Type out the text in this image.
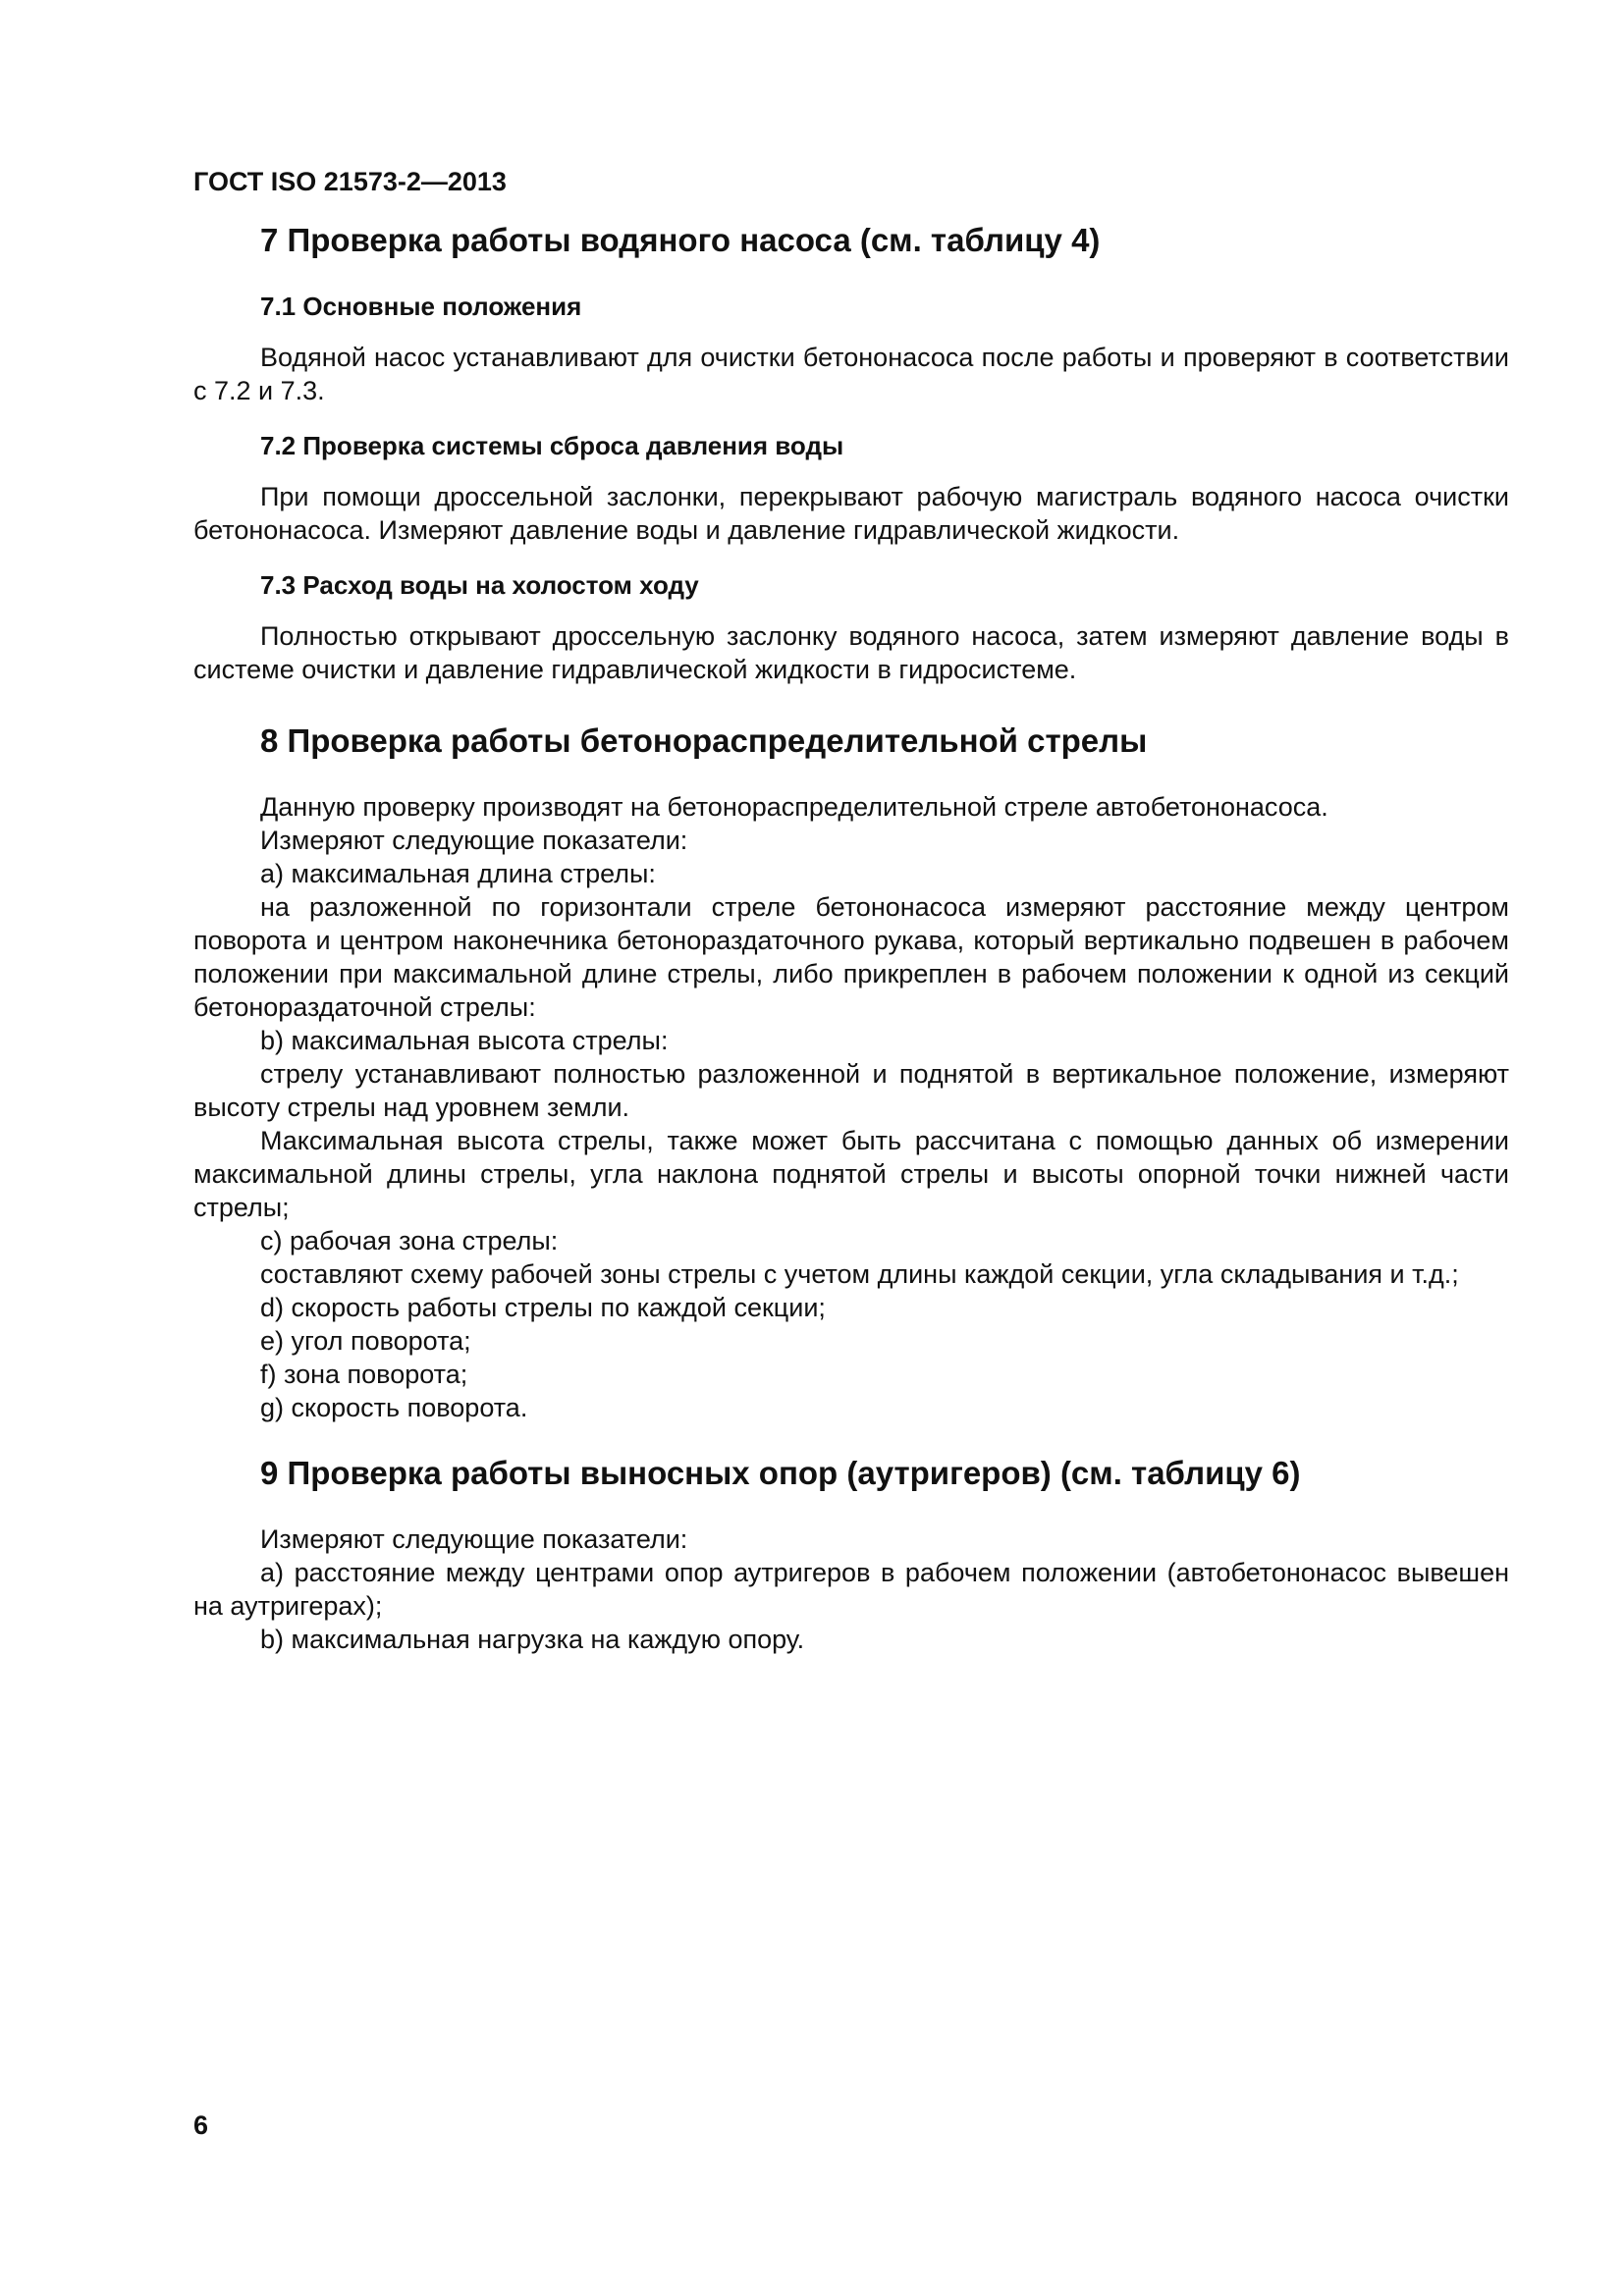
ГОСТ ISO 21573-2—2013
7 Проверка работы водяного насоса (см. таблицу 4)
7.1 Основные положения

Водяной насос устанавливают для очистки бетононасоса после работы и проверяют в соответствии с 7.2 и 7.3.

7.2 Проверка системы сброса давления воды

При помощи дроссельной заслонки, перекрывают рабочую магистраль водяного насоса очистки бетононасоса. Измеряют давление воды и давление гидравлической жидкости.

7.3 Расход воды на холостом ходу

Полностью открывают дроссельную заслонку водяного насоса, затем измеряют давление воды в системе очистки и давление гидравлической жидкости в гидросистеме.

8 Проверка работы бетонораспределительной стрелы

Данную проверку производят на бетонораспределительной стреле автобетононасоса.

Измеряют следующие показатели:

a) максимальная длина стрелы:

на разложенной по горизонтали стреле бетононасоса измеряют расстояние между центром поворота и центром наконечника бетонораздаточного рукава, который вертикально подвешен в рабочем положении при максимальной длине стрелы, либо прикреплен в рабочем положении к одной из секций бетонораздаточной стрелы:

b) максимальная высота стрелы:

стрелу устанавливают полностью разложенной и поднятой в вертикальное положение, измеряют высоту стрелы над уровнем земли.

Максимальная высота стрелы, также может быть рассчитана с помощью данных об измерении максимальной длины стрелы, угла наклона поднятой стрелы и высоты опорной точки нижней части стрелы;

c) рабочая зона стрелы:

составляют схему рабочей зоны стрелы с учетом длины каждой секции, угла складывания и т.д.;

d) скорость работы стрелы по каждой секции;

e) угол поворота;

f) зона поворота;

g) скорость поворота.

9 Проверка работы выносных опор (аутригеров) (см. таблицу 6)

Измеряют следующие показатели:

a) расстояние между центрами опор аутригеров в рабочем положении (автобетононасос вывешен на аутригерах);

b) максимальная нагрузка на каждую опору.

6
